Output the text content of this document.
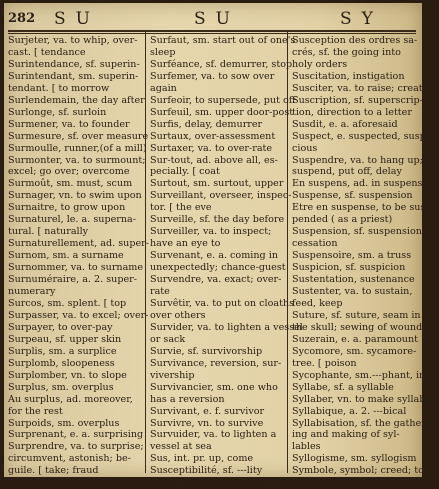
282 SU	SU	SY
Surjeter, va. to whip, over-
cast. [ tendance
Surintendance, sf. superin-
Surintendant, sm. superin-
tendant. [ to morrow
Surlendemain, the day after
Surlonge, sf. surloin
Surmener, va. to founder
Surmesure, sf. over measure
Surmoulle, runner,(of a mill)
Surmonter, va. to surmount;
excel; go over; overcome
Surmoût, sm. must, scum
Surnager, vn. to swim upon
Surnaitre, to grow upon
Surnaturel, le. a. superna-
tural. [ naturally
Surnaturellement, ad. super-
Surnom, sm. a surname
Surnommer, va. to surname
Surnuméraire, a. 2. super-
numerary
Surcos, sm. splent. [ top
Surpasser, va. to excel; over-
Surpayer, to over-pay
Surpeau, sf. upper skin
Surplis, sm. a surplice
Surplomb, sloopeness
Surplomber, vn. to slope
Surplus, sm. overplus
Au surplus, ad. moreover,
for the rest
Surpoids, sm. overplus
Surprenant, e. a. surprising
Surprendre, va. to surprise;
circumvent, astonish; be-
guile. [ take; fraud
Surprise, sf. surprise; mis-
Surfaut, sm. start out of one's
sleep
Surféance, sf. demurrer, stop
Surfemer, va. to sow over
again
Surfeoir, to supersede, put off
Surfeuil, sm. upper door-post
Surfis, delay, demurrer
Surtaux, over-assessment
Surtaxer, va. to over-rate
Sur-tout, ad. above all, es-
pecially. [ coat
Surtout, sm. surtout, upper
Surveillant, overseer, inspec-
tor. [ the eve
Surveille, sf. the day before
Surveiller, va. to inspect;
have an eye to
Survenant, e. a. coming in
unexpectedly; chance-guest
Survendre, va. exact; over-
rate
Survêtir, va. to put on cloaths
over others
Survider, va. to lighten a vessel
or sack
Survie, sf. survivorship
Survivance, reversion, sur-
vivership
Survivancier, sm. one who
has a reversion
Survivant, e. f. survivor
Survivre, vn. to survive
Survuider, va. to lighten a
vessel at sea
Sus, int. pr. up, come
Susceptibilité, sf. ---lity
Susceptible, a. 2. susceptible
Susception des ordres sa-
crés, sf. the going into
holy orders
Suscitation, instigation
Susciter, va. to raise; create
Suscription, sf. superscrip-
tion, direction to a letter
Susdit, e. a. aforesaid
Suspect, e. suspected, suspi-
cious
Suspendre, va. to hang up;
suspend, put off, delay
En suspens, ad. in suspense
Suspense, sf. suspension
Etre en suspense, to be sus-
pended ( as a priest)
Suspension, sf. suspension,
cessation
Suspensoire, sm. a truss
Suspicion, sf. suspicion
Sustentation, sustenance
Sustenter, va. to sustain,
feed, keep
Suture, sf. suture, seam in
the skull; sewing of wounds
Suzerain, e. a. paramount
Sycomore, sm. sycamore-
tree. [ poison
Sycophante, sm.---phant, in-
Syllabe, sf. a syllable
Syllaber, vn. to make syllables
Syllabique, a. 2. ---bical
Syllabisation, sf. the gather-
ing and making of syl-
lables
Syllogisme, sm. syllogism
Symbole, symbol; creed; to-
ken; cue
